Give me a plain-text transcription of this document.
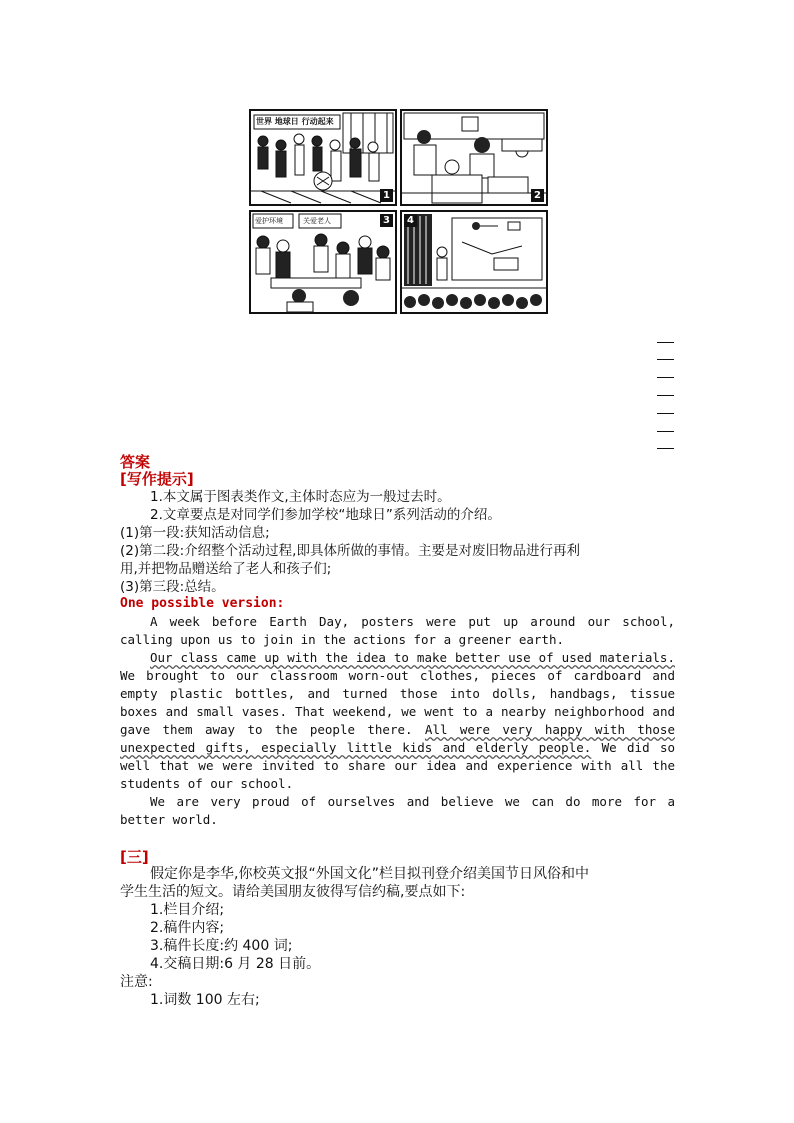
世界 地球日 行动起来
1	2
爱护环境	关爱老人	3	4
答案
[写作提示]
1.本文属于图表类作文,主体时态应为一般过去时。
2.文章要点是对同学们参加学校“地球日”系列活动的介绍。
(1)第一段:获知活动信息;
(2)第二段:介绍整个活动过程,即具体所做的事情。主要是对废旧物品进行再利
用,并把物品赠送给了老人和孩子们;
(3)第三段:总结。
One possible version:
A week before Earth Day, posters were put up around our school, calling upon us to join in the actions for a greener earth.
Our class came up with the idea to make better use of used materials. We brought to our classroom worn-out clothes, pieces of cardboard and empty plastic bottles, and turned those into dolls, handbags, tissue boxes and small vases. That weekend, we went to a nearby neighborhood and gave them away to the people there. All were very happy with those unexpected gifts, especially little kids and elderly people. We did so well that we were invited to share our idea and experience with all the students of our school.
We are very proud of ourselves and believe we can do more for a better world.
[三]
假定你是李华,你校英文报“外国文化”栏目拟刊登介绍美国节日风俗和中
学生生活的短文。请给美国朋友彼得写信约稿,要点如下:
1.栏目介绍;
2.稿件内容;
3.稿件长度:约 400 词;
4.交稿日期:6 月 28 日前。
注意:
1.词数 100 左右;
